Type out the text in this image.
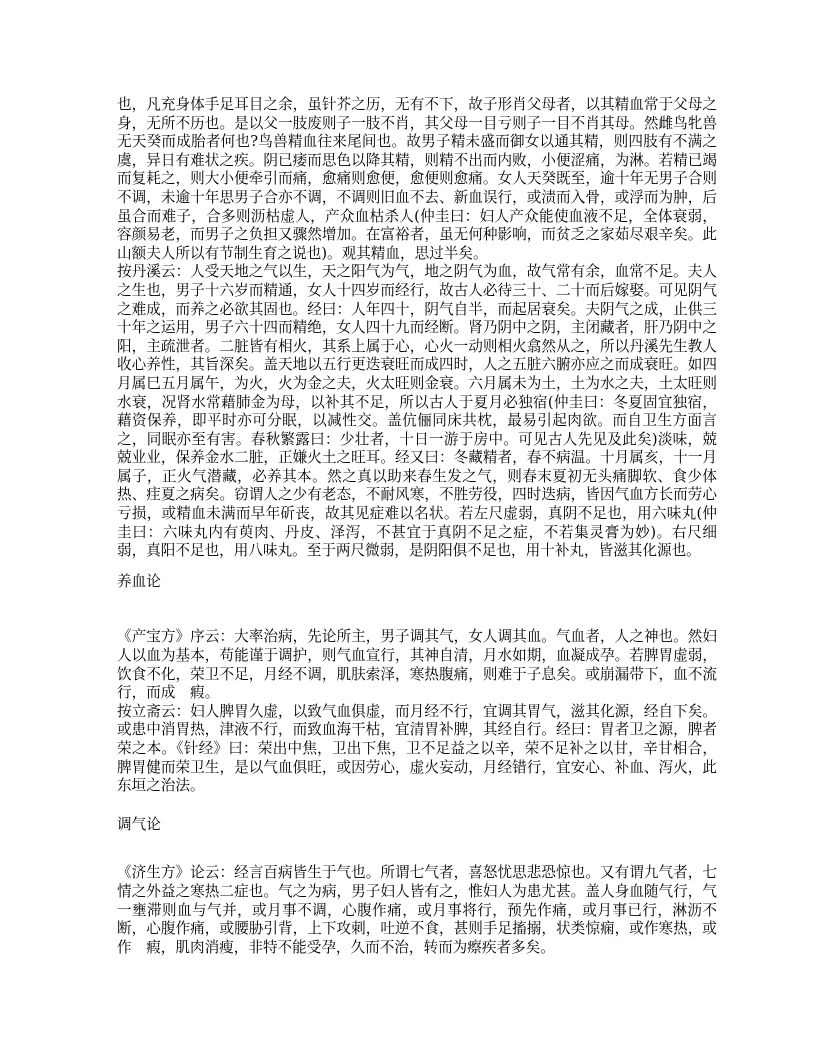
也，凡充身体手足耳目之余，虽针芥之历，无有不下，故子形肖父母者，以其精血常于父母之身，无所不历也。是以父一肢废则子一肢不肖，其父母一目亏则子一目不肖其母。然雌鸟牝兽无天癸而成胎者何也?鸟兽精血往来尾间也。故男子精未盛而御女以通其精，则四肢有不满之虞，异日有难状之疾。阴已痿而思色以降其精，则精不出而内败，小便涩痛，为淋。若精已竭而复耗之，则大小便牵引而痛，愈痛则愈便，愈便则愈痛。女人天癸既至，逾十年无男子合则不调，未逾十年思男子合亦不调，不调则旧血不去、新血误行，或渍而入骨，或浮而为肿，后虽合而难子，合多则沥枯虚人，产众血枯杀人(仲圭曰：妇人产众能使血液不足，全体衰弱，容颜易老，而男子之负担又骤然增加。在富裕者，虽无何种影响，而贫乏之家茹尽艰辛矣。此山额夫人所以有节制生育之说也)。观其精血，思过半矣。

按丹溪云：人受天地之气以生，天之阳气为气，地之阴气为血，故气常有余，血常不足。夫人之生也，男子十六岁而精通，女人十四岁而经行，故古人必待三十、二十而后嫁娶。可见阴气之难成，而养之必欲其固也。经曰：人年四十，阴气自半，而起居衰矣。夫阴气之成，止供三十年之运用，男子六十四而精绝，女人四十九而经断。肾乃阴中之阴，主闭藏者，肝乃阴中之阳，主疏泄者。二脏皆有相火，其系上属于心，心火一动则相火翕然从之，所以丹溪先生教人收心养性，其旨深矣。盖天地以五行更迭衰旺而成四时，人之五脏六腑亦应之而成衰旺。如四月属巳五月属午，为火，火为金之夫，火太旺则金衰。六月属未为土，土为水之夫，土太旺则水衰，况肾水常藉肺金为母，以补其不足，所以古人于夏月必独宿(仲圭曰：冬夏固宜独宿，藉资保养，即平时亦可分眠，以减性交。盖伉俪同床共枕，最易引起肉欲。而自卫生方面言之，同眠亦至有害。春秋繁露曰：少壮者，十日一游于房中。可见古人先见及此矣)淡味，兢兢业业，保养金水二脏，正嫌火土之旺耳。经又曰：冬藏精者，春不病温。十月属亥，十一月属子，正火气潜藏，必养其本。然之真以助来春生发之气，则春末夏初无头痛脚软、食少体热、疰夏之病矣。窃谓人之少有老态，不耐风寒，不胜劳役，四时迭病，皆因气血方长而劳心亏损，或精血未满而早年斫丧，故其见症难以名状。若左尺虚弱，真阴不足也，用六味丸(仲圭曰：六味丸内有萸肉、丹皮、泽泻，不甚宜于真阴不足之症，不若集灵膏为妙)。右尺细弱，真阳不足也，用八味丸。至于两尺微弱，是阴阳俱不足也，用十补丸，皆滋其化源也。

养血论

《产宝方》序云：大率治病，先论所主，男子调其气，女人调其血。气血者，人之神也。然妇人以血为基本，苟能谨于调护，则气血宣行，其神自清，月水如期，血凝成孕。若脾胃虚弱，饮食不化，荣卫不足，月经不调，肌肤索泽，寒热腹痛，则难于子息矣。或崩漏带下，血不流行，而成　瘕。

按立斋云：妇人脾胃久虚，以致气血俱虚，而月经不行，宜调其胃气，滋其化源，经自下矣。或患中消胃热，津液不行，而致血海干枯，宜清胃补脾，其经自行。经曰：胃者卫之源，脾者荣之本。《针经》曰：荣出中焦，卫出下焦，卫不足益之以辛，荣不足补之以甘，辛甘相合，脾胃健而荣卫生，是以气血俱旺，或因劳心，虚火妄动，月经错行，宜安心、补血、泻火，此东垣之治法。

调气论

《济生方》论云：经言百病皆生于气也。所谓七气者，喜怒忧思悲恐惊也。又有谓九气者，七情之外益之寒热二症也。气之为病，男子妇人皆有之，惟妇人为患尤甚。盖人身血随气行，气一壅滞则血与气并，或月事不调，心腹作痛，或月事将行，预先作痛，或月事已行，淋沥不断，心腹作痛，或腰胁引背，上下攻刺，吐逆不食，甚则手足搐搦，状类惊痫，或作寒热，或作　瘕，肌肉消瘦，非特不能受孕，久而不治，转而为瘵疾者多矣。
